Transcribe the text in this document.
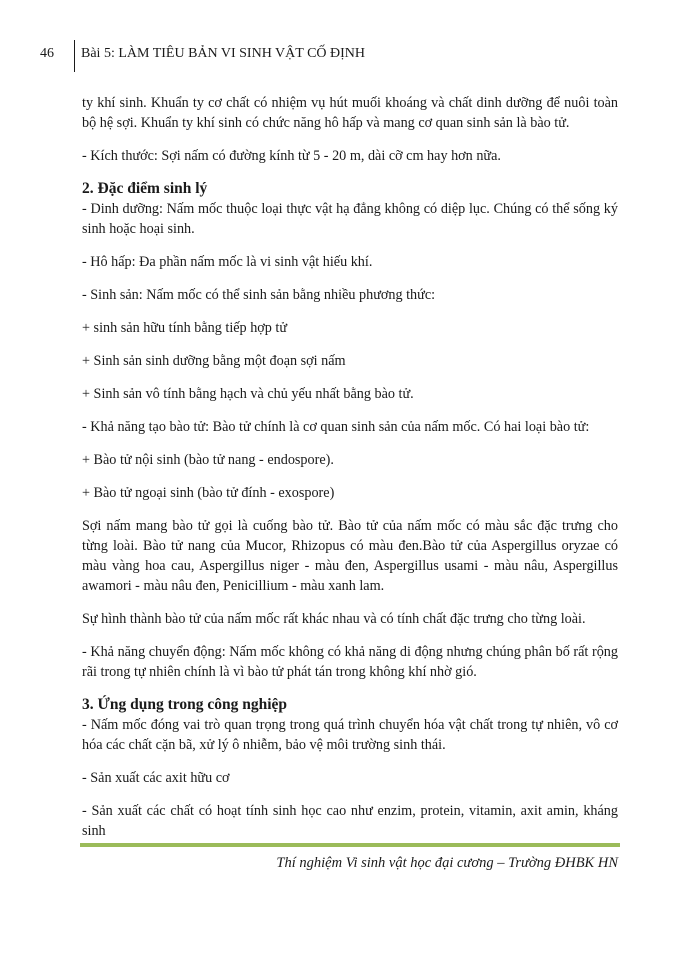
46 Bài 5: LÀM TIÊU BẢN VI SINH VẬT CỐ ĐỊNH

ty khí sinh. Khuẩn ty cơ chất có nhiệm vụ hút muối khoáng và chất dinh dưỡng để nuôi toàn bộ hệ sợi. Khuẩn ty khí sinh có chức năng hô hấp và mang cơ quan sinh sản là bào tử.

- Kích thước: Sợi nấm có đường kính từ 5 - 20 m, dài cỡ cm hay hơn nữa.

2. Đặc điểm sinh lý

- Dinh dưỡng: Nấm mốc thuộc loại thực vật hạ đẳng không có diệp lục. Chúng có thể sống ký sinh hoặc hoại sinh.

- Hô hấp: Đa phần nấm mốc là vi sinh vật hiếu khí.

- Sinh sản: Nấm mốc có thể sinh sản bằng nhiều phương thức:

+ sinh sản hữu tính bằng tiếp hợp tử

+ Sinh sản sinh dưỡng bằng một đoạn sợi nấm

+ Sinh sản vô tính bằng hạch và chủ yếu nhất bằng bào tử.

- Khả năng tạo bào tử: Bào tử chính là cơ quan sinh sản của nấm mốc. Có hai loại bào tử:

+ Bào tử nội sinh (bào tử nang - endospore).

+ Bào tử ngoại sinh (bào tử đính - exospore)

Sợi nấm mang bào tử gọi là cuống bào tử. Bào tử của nấm mốc có màu sắc đặc trưng cho từng loài. Bào tử nang của Mucor, Rhizopus có màu đen.Bào tử của Aspergillus oryzae có màu vàng hoa cau, Aspergillus niger - màu đen, Aspergillus usami - màu nâu, Aspergillus awamori - màu nâu đen, Penicillium - màu xanh lam.

Sự hình thành bào tử của nấm mốc rất khác nhau và có tính chất đặc trưng cho từng loài.

- Khả năng chuyển động: Nấm mốc không có khả năng di động nhưng chúng phân bố rất rộng rãi trong tự nhiên chính là vì bào tử phát tán trong không khí nhờ gió.

3. Ứng dụng trong công nghiệp

- Nấm mốc đóng vai trò quan trọng trong quá trình chuyển hóa vật chất trong tự nhiên, vô cơ hóa các chất cặn bã, xử lý ô nhiễm, bảo vệ môi trường sinh thái.

- Sản xuất các axit hữu cơ

- Sản xuất các chất có hoạt tính sinh học cao như enzim, protein, vitamin, axit amin, kháng sinh

Thí nghiệm Vi sinh vật học đại cương – Trường ĐHBK HN
